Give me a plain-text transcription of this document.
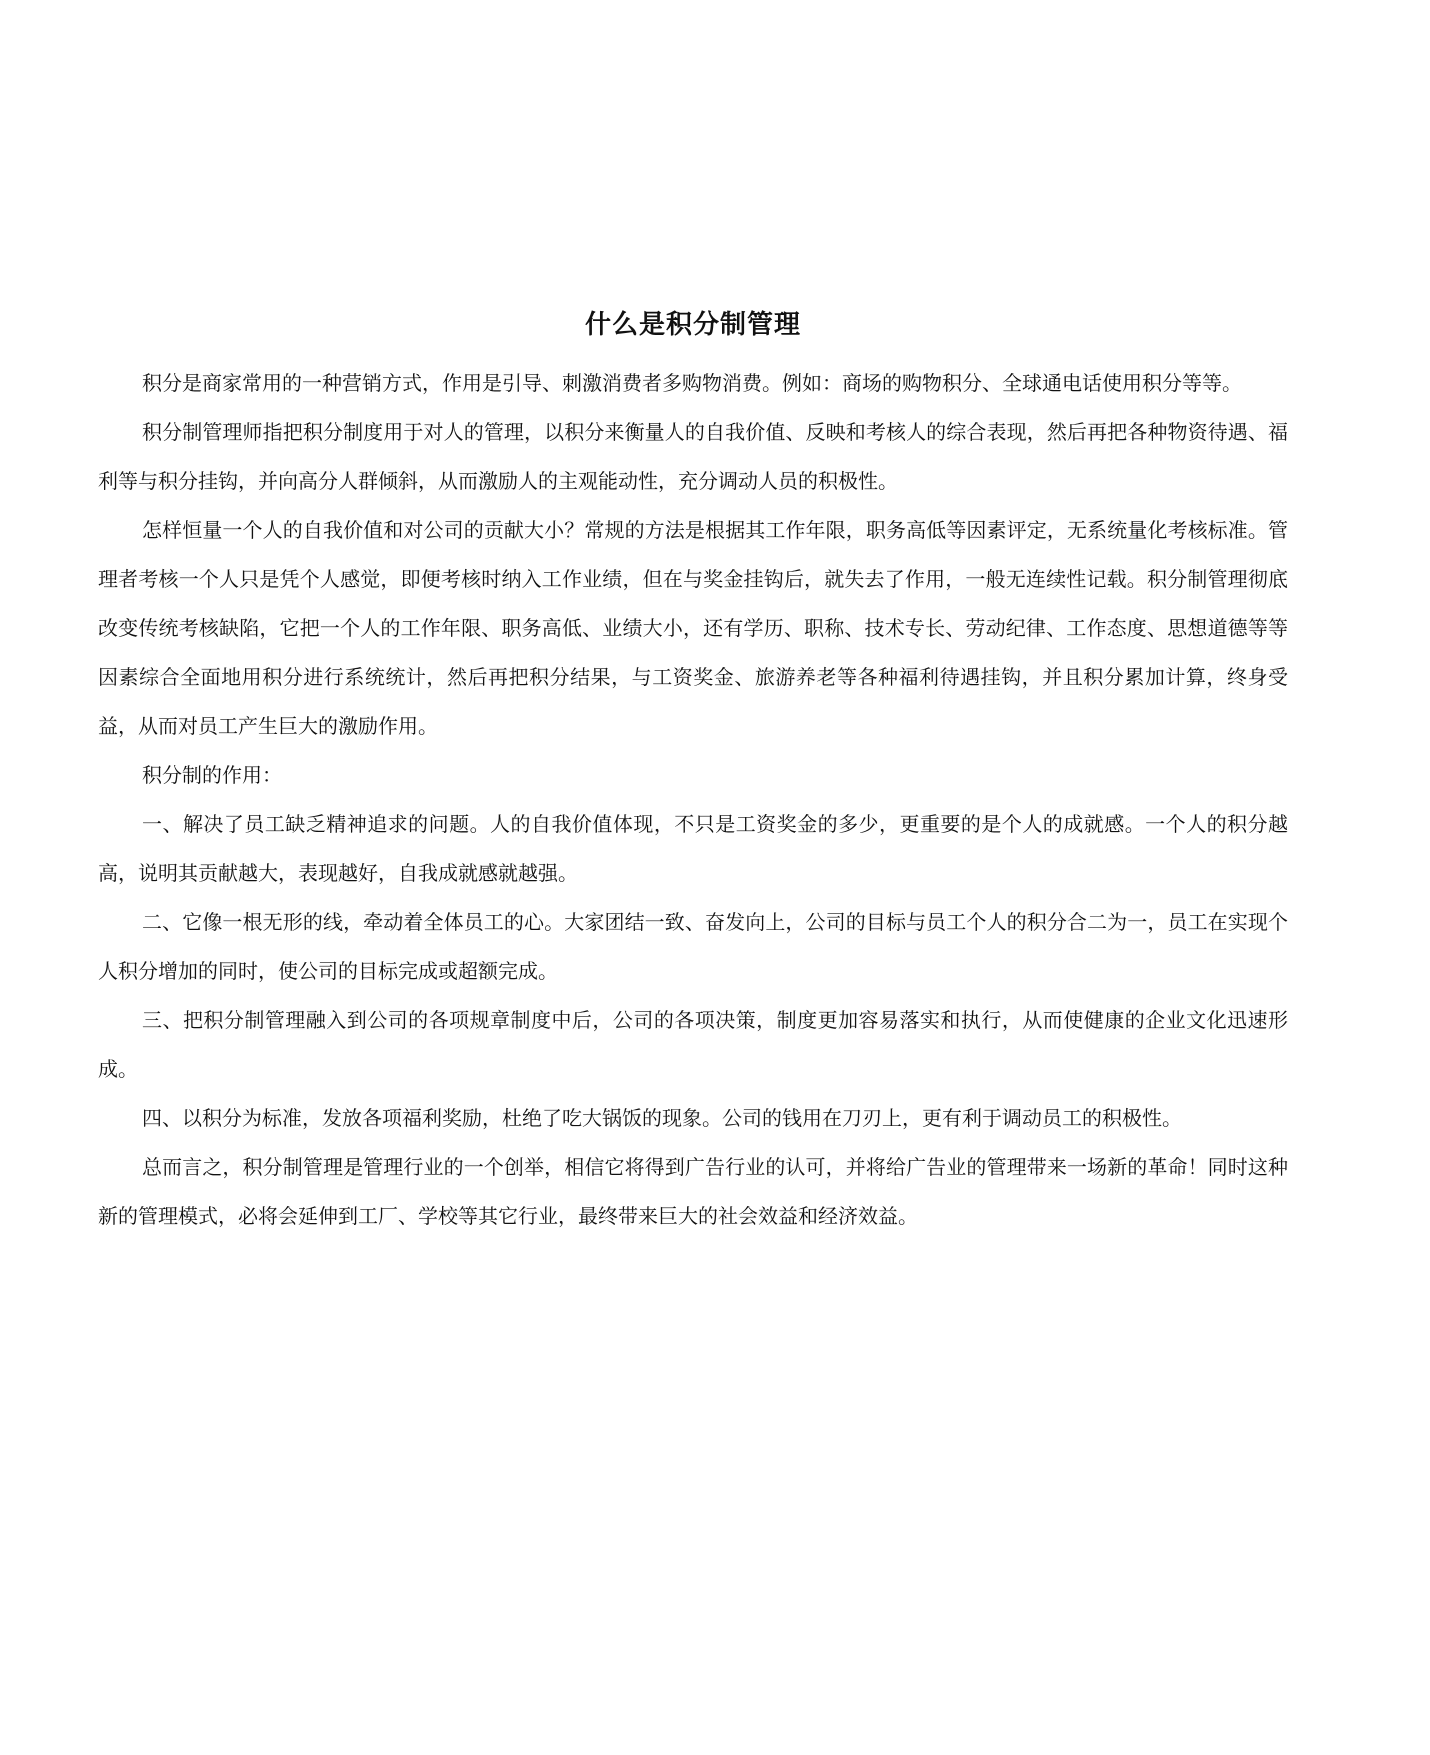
什么是积分制管理

积分是商家常用的一种营销方式，作用是引导、刺激消费者多购物消费。例如：商场的购物积分、全球通电话使用积分等等。

积分制管理师指把积分制度用于对人的管理，以积分来衡量人的自我价值、反映和考核人的综合表现，然后再把各种物资待遇、福利等与积分挂钩，并向高分人群倾斜，从而激励人的主观能动性，充分调动人员的积极性。

怎样恒量一个人的自我价值和对公司的贡献大小？常规的方法是根据其工作年限，职务高低等因素评定，无系统量化考核标准。管理者考核一个人只是凭个人感觉，即便考核时纳入工作业绩，但在与奖金挂钩后，就失去了作用，一般无连续性记载。积分制管理彻底改变传统考核缺陷，它把一个人的工作年限、职务高低、业绩大小，还有学历、职称、技术专长、劳动纪律、工作态度、思想道德等等因素综合全面地用积分进行系统统计，然后再把积分结果，与工资奖金、旅游养老等各种福利待遇挂钩，并且积分累加计算，终身受益，从而对员工产生巨大的激励作用。

积分制的作用：

一、解决了员工缺乏精神追求的问题。人的自我价值体现，不只是工资奖金的多少，更重要的是个人的成就感。一个人的积分越高，说明其贡献越大，表现越好，自我成就感就越强。

二、它像一根无形的线，牵动着全体员工的心。大家团结一致、奋发向上，公司的目标与员工个人的积分合二为一，员工在实现个人积分增加的同时，使公司的目标完成或超额完成。

三、把积分制管理融入到公司的各项规章制度中后，公司的各项决策，制度更加容易落实和执行，从而使健康的企业文化迅速形成。

四、以积分为标准，发放各项福利奖励，杜绝了吃大锅饭的现象。公司的钱用在刀刃上，更有利于调动员工的积极性。

总而言之，积分制管理是管理行业的一个创举，相信它将得到广告行业的认可，并将给广告业的管理带来一场新的革命！同时这种新的管理模式，必将会延伸到工厂、学校等其它行业，最终带来巨大的社会效益和经济效益。
